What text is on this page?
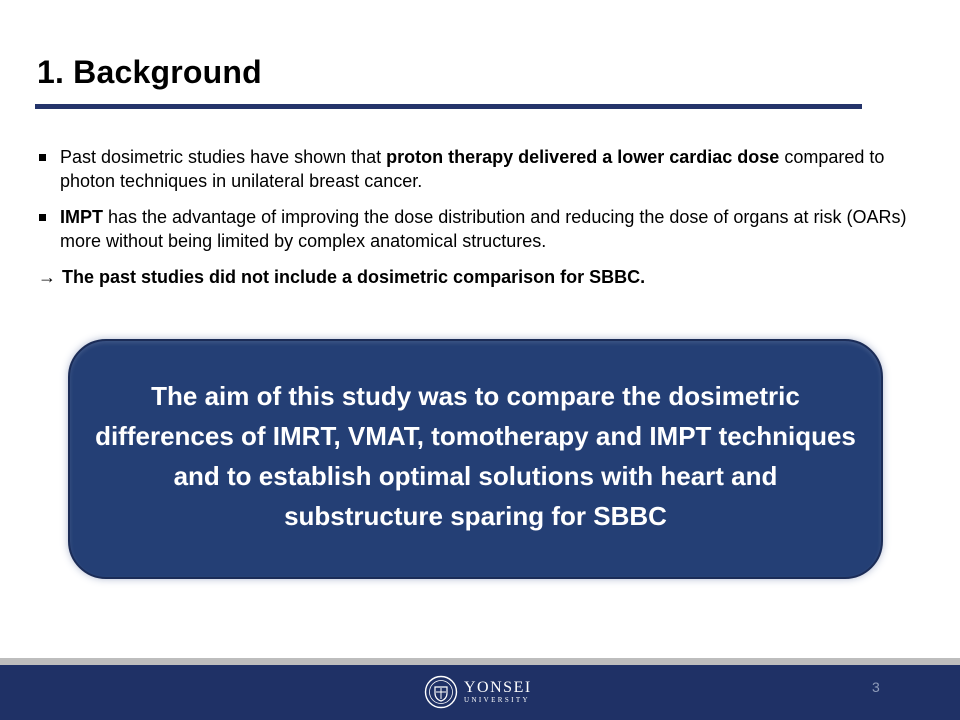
1. Background
Past dosimetric studies have shown that proton therapy delivered a lower cardiac dose compared to photon techniques in unilateral breast cancer.
IMPT has the advantage of improving the dose distribution and reducing the dose of organs at risk (OARs) more without being limited by complex anatomical structures.
→ The past studies did not include a dosimetric comparison for SBBC.
The aim of this study was to compare the dosimetric differences of IMRT, VMAT, tomotherapy and IMPT techniques and to establish optimal solutions with heart and substructure sparing for SBBC
YONSEI
UNIVERSITY
3
